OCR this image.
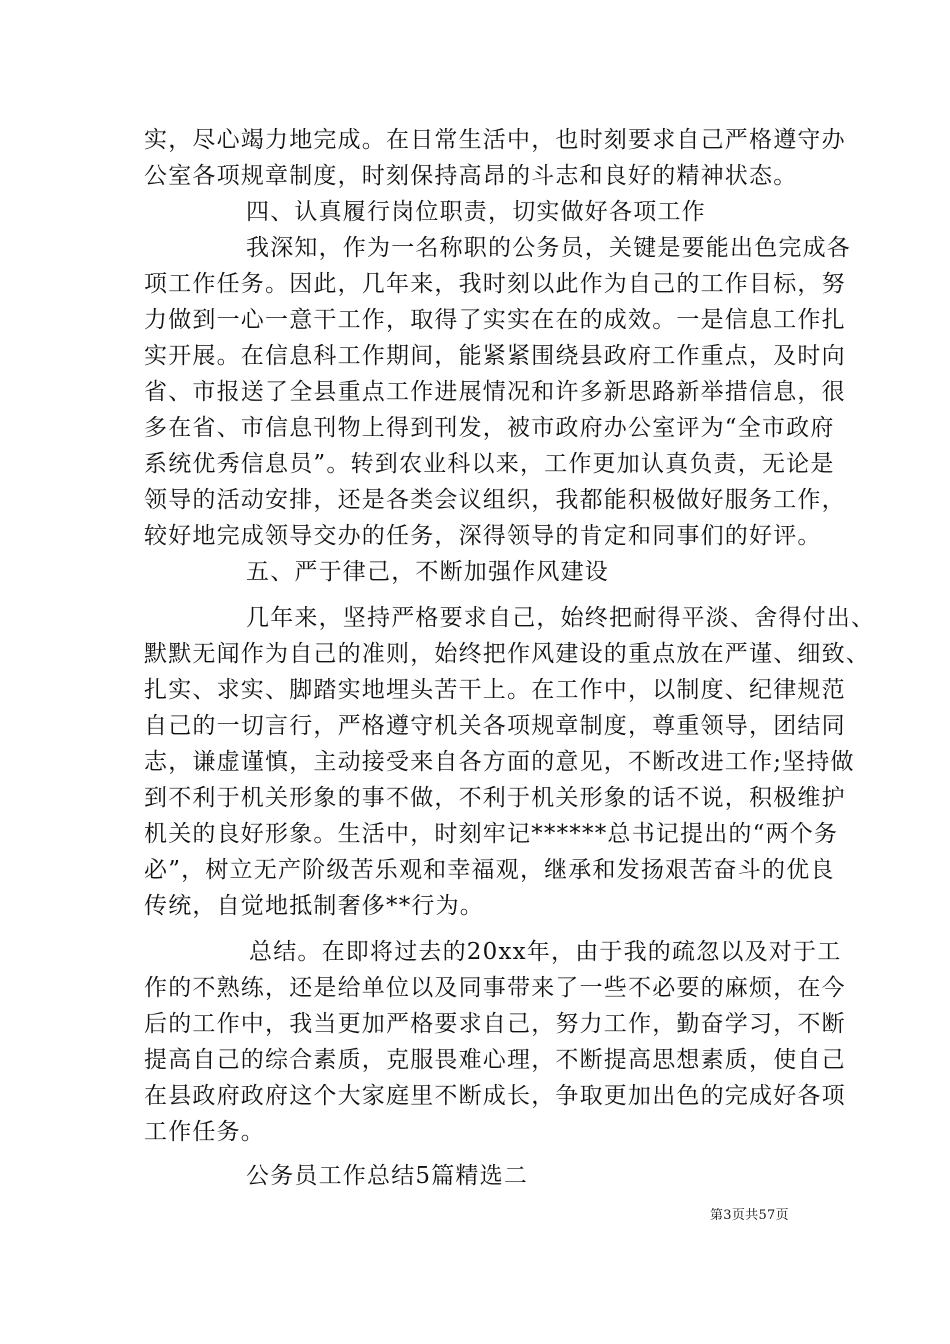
实，尽心竭力地完成。在日常生活中，也时刻要求自己严格遵守办
公室各项规章制度，时刻保持高昂的斗志和良好的精神状态。
四、认真履行岗位职责，切实做好各项工作
我深知，作为一名称职的公务员，关键是要能出色完成各
项工作任务。因此，几年来，我时刻以此作为自己的工作目标，努
力做到一心一意干工作，取得了实实在在的成效。一是信息工作扎
实开展。在信息科工作期间，能紧紧围绕县政府工作重点，及时向
省、市报送了全县重点工作进展情况和许多新思路新举措信息，很
多在省、市信息刊物上得到刊发，被市政府办公室评为“全市政府
系统优秀信息员”。转到农业科以来，工作更加认真负责，无论是
领导的活动安排，还是各类会议组织，我都能积极做好服务工作，
较好地完成领导交办的任务，深得领导的肯定和同事们的好评。
五、严于律己，不断加强作风建设
几年来，坚持严格要求自己，始终把耐得平淡、舍得付出、
默默无闻作为自己的准则，始终把作风建设的重点放在严谨、细致、
扎实、求实、脚踏实地埋头苦干上。在工作中，以制度、纪律规范
自己的一切言行，严格遵守机关各项规章制度，尊重领导，团结同
志，谦虚谨慎，主动接受来自各方面的意见，不断改进工作;坚持做
到不利于机关形象的事不做，不利于机关形象的话不说，积极维护
机关的良好形象。生活中，时刻牢记******总书记提出的“两个务
必”，树立无产阶级苦乐观和幸福观，继承和发扬艰苦奋斗的优良
传统，自觉地抵制奢侈**行为。
总结。在即将过去的20xx年，由于我的疏忽以及对于工
作的不熟练，还是给单位以及同事带来了一些不必要的麻烦，在今
后的工作中，我当更加严格要求自己，努力工作，勤奋学习，不断
提高自己的综合素质，克服畏难心理，不断提高思想素质，使自己
在县政府政府这个大家庭里不断成长，争取更加出色的完成好各项
工作任务。
公务员工作总结5篇精选二
第3页共57页
